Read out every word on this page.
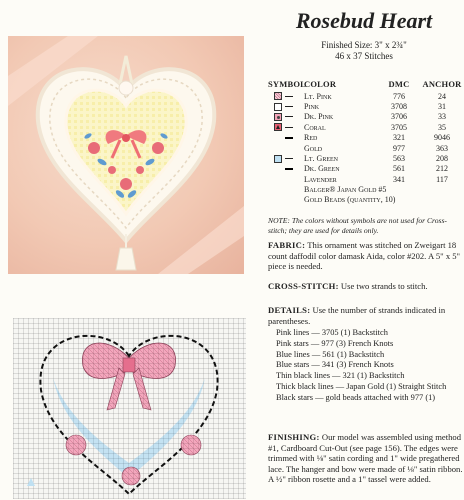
Rosebud Heart
Finished Size: 3" x 2¾"
46 x 37 Stitches
SYMBOL
COLOR	DMC	ANCHOR
Lt. Pink	776	24
Pink	3708	31
Dk. Pink	3706	33
Coral	3705	35
Red	321	9046
Gold	977	363
Lt. Green	563	208
Dk. Green	561	212
Lavender	341	117
Balger® Japan Gold #5
Gold Beads (quantity, 10)
NOTE: The colors without symbols are not used for Cross-stitch; they are used for details only.
FABRIC: This ornament was stitched on Zweigart 18 count daffodil color damask Aida, color #202. A 5" x 5" piece is needed.
CROSS-STITCH: Use two strands to stitch.
DETAILS: Use the number of strands indicated in parentheses.
Pink lines — 3705 (1) Backstitch
Pink stars — 977 (3) French Knots
Blue lines — 561 (1) Backstitch
Blue stars — 341 (3) French Knots
Thin black lines — 321 (1) Backstitch
Thick black lines — Japan Gold (1) Straight Stitch
Black stars — gold beads attached with 977 (1)
FINISHING: Our model was assembled using method #1, Cardboard Cut-Out (see page 156). The edges were trimmed with ⅛" satin cording and 1" wide pregathered lace. The hanger and bow were made of ⅛" satin ribbon. A ½" ribbon rosette and a 1" tassel were added.
